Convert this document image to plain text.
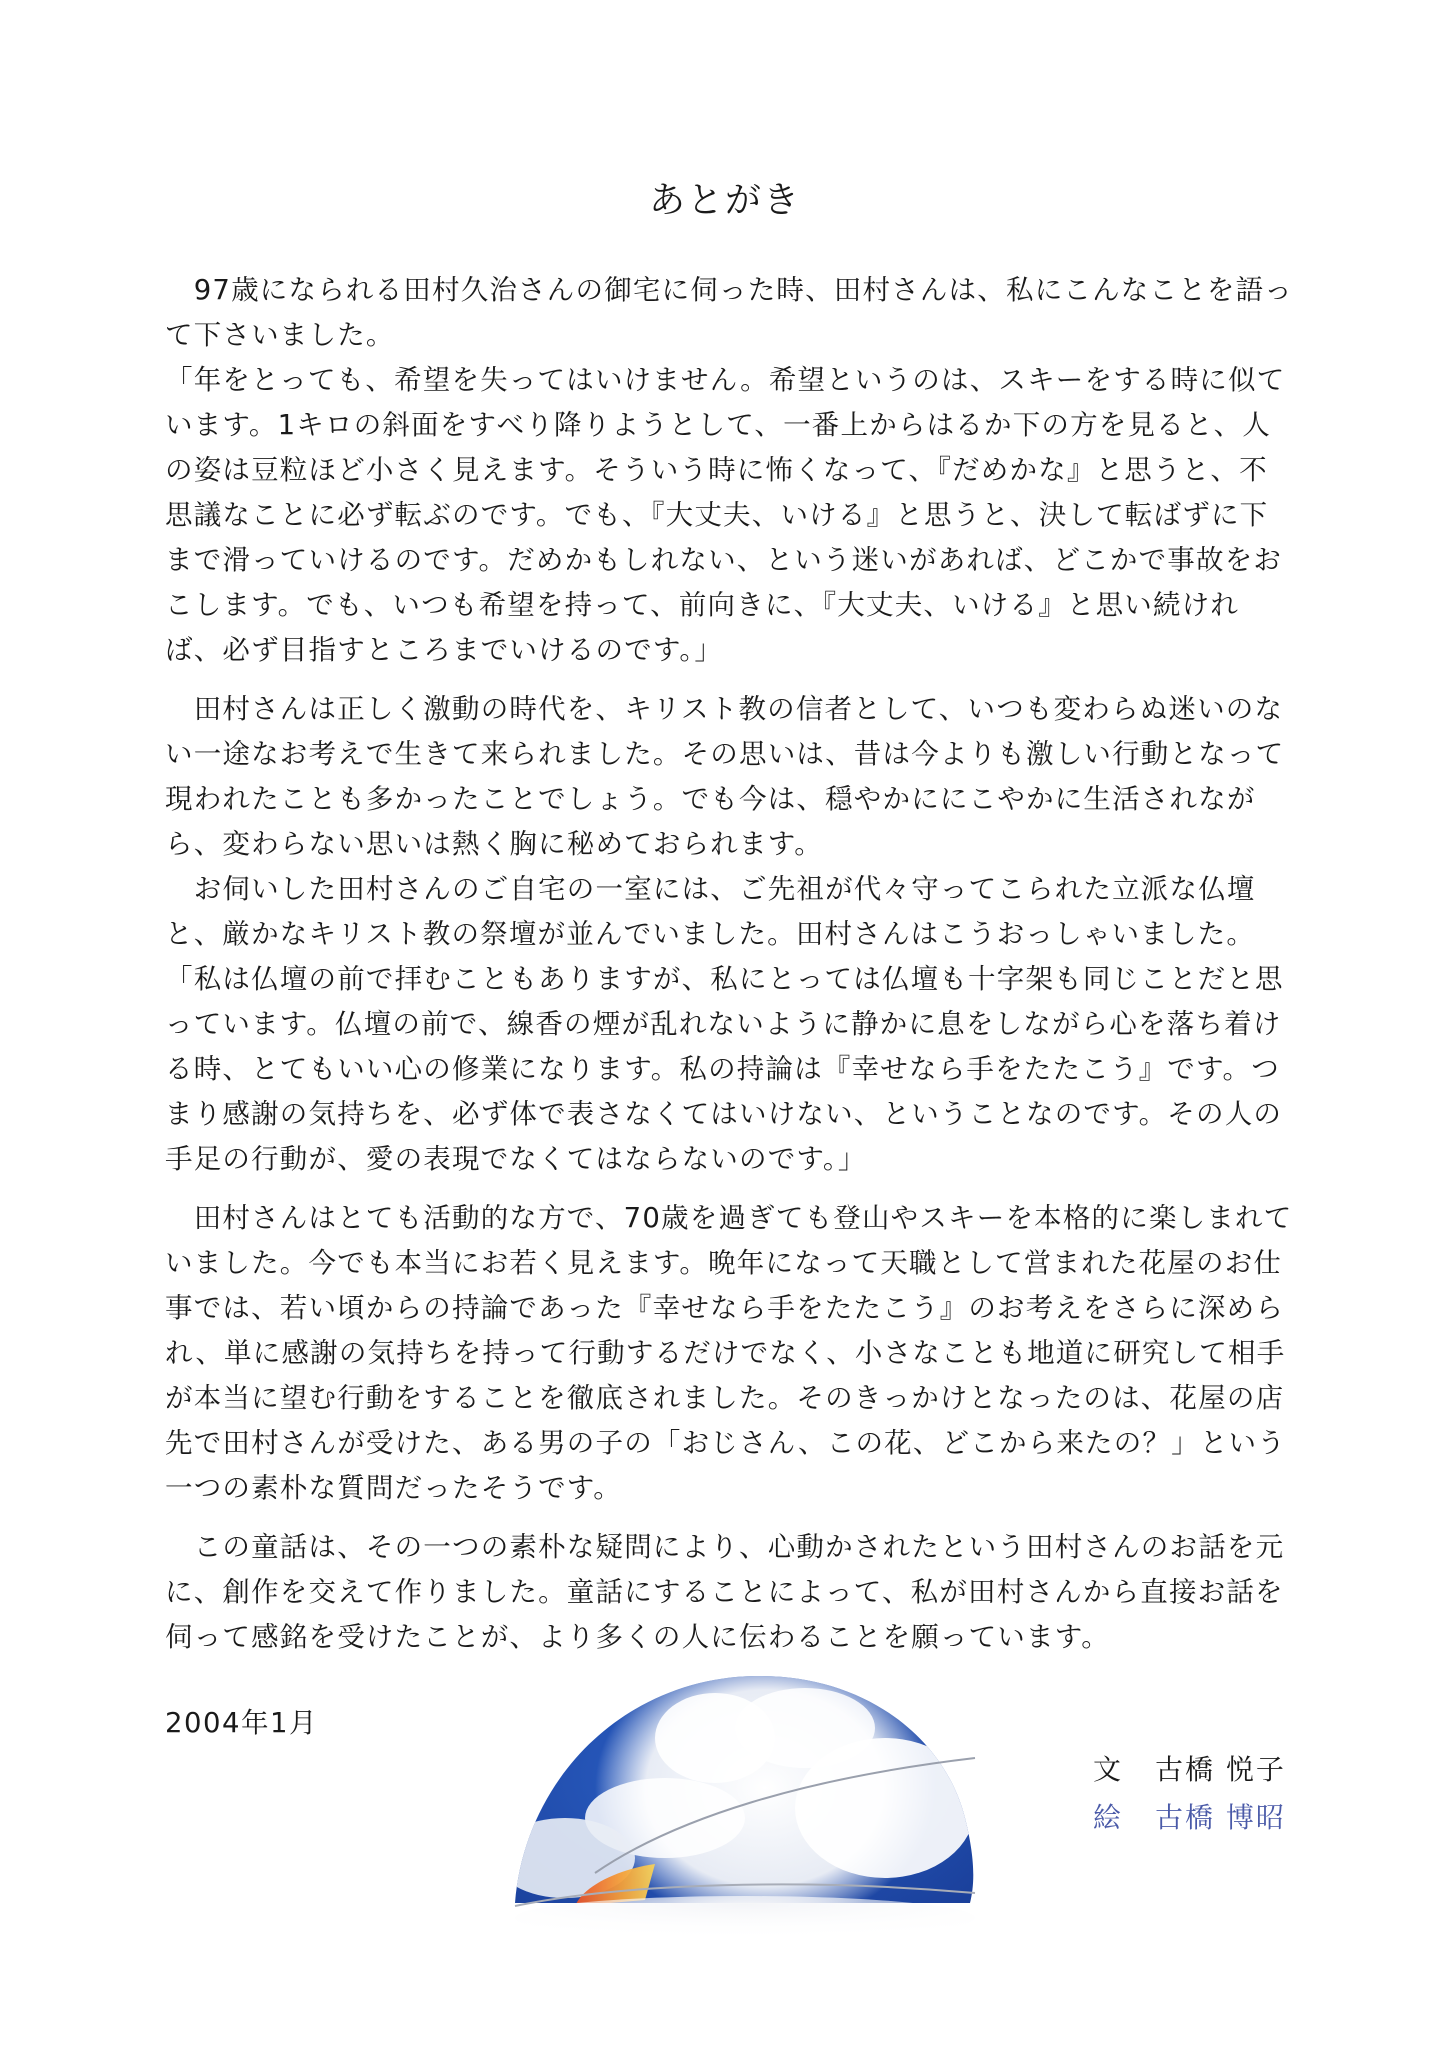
あとがき

　97歳になられる田村久治さんの御宅に伺った時、田村さんは、私にこんなことを語って下さいました。

「年をとっても、希望を失ってはいけません。希望というのは、スキーをする時に似ています。1キロの斜面をすべり降りようとして、一番上からはるか下の方を見ると、人の姿は豆粒ほど小さく見えます。そういう時に怖くなって、『だめかな』と思うと、不思議なことに必ず転ぶのです。でも、『大丈夫、いける』と思うと、決して転ばずに下まで滑っていけるのです。だめかもしれない、という迷いがあれば、どこかで事故をおこします。でも、いつも希望を持って、前向きに、『大丈夫、いける』と思い続ければ、必ず目指すところまでいけるのです。」

　田村さんは正しく激動の時代を、キリスト教の信者として、いつも変わらぬ迷いのない一途なお考えで生きて来られました。その思いは、昔は今よりも激しい行動となって現われたことも多かったことでしょう。でも今は、穏やかににこやかに生活されながら、変わらない思いは熱く胸に秘めておられます。

　お伺いした田村さんのご自宅の一室には、ご先祖が代々守ってこられた立派な仏壇と、厳かなキリスト教の祭壇が並んでいました。田村さんはこうおっしゃいました。「私は仏壇の前で拝むこともありますが、私にとっては仏壇も十字架も同じことだと思っています。仏壇の前で、線香の煙が乱れないように静かに息をしながら心を落ち着ける時、とてもいい心の修業になります。私の持論は『幸せなら手をたたこう』です。つまり感謝の気持ちを、必ず体で表さなくてはいけない、ということなのです。その人の手足の行動が、愛の表現でなくてはならないのです。」

　田村さんはとても活動的な方で、70歳を過ぎても登山やスキーを本格的に楽しまれていました。今でも本当にお若く見えます。晩年になって天職として営まれた花屋のお仕事では、若い頃からの持論であった『幸せなら手をたたこう』のお考えをさらに深められ、単に感謝の気持ちを持って行動するだけでなく、小さなことも地道に研究して相手が本当に望む行動をすることを徹底されました。そのきっかけとなったのは、花屋の店先で田村さんが受けた、ある男の子の「おじさん、この花、どこから来たの？」という一つの素朴な質問だったそうです。

　この童話は、その一つの素朴な疑問により、心動かされたという田村さんのお話を元に、創作を交えて作りました。童話にすることによって、私が田村さんから直接お話を伺って感銘を受けたことが、より多くの人に伝わることを願っています。

2004年1月
文 古橋 悦子
絵 古橋 博昭
